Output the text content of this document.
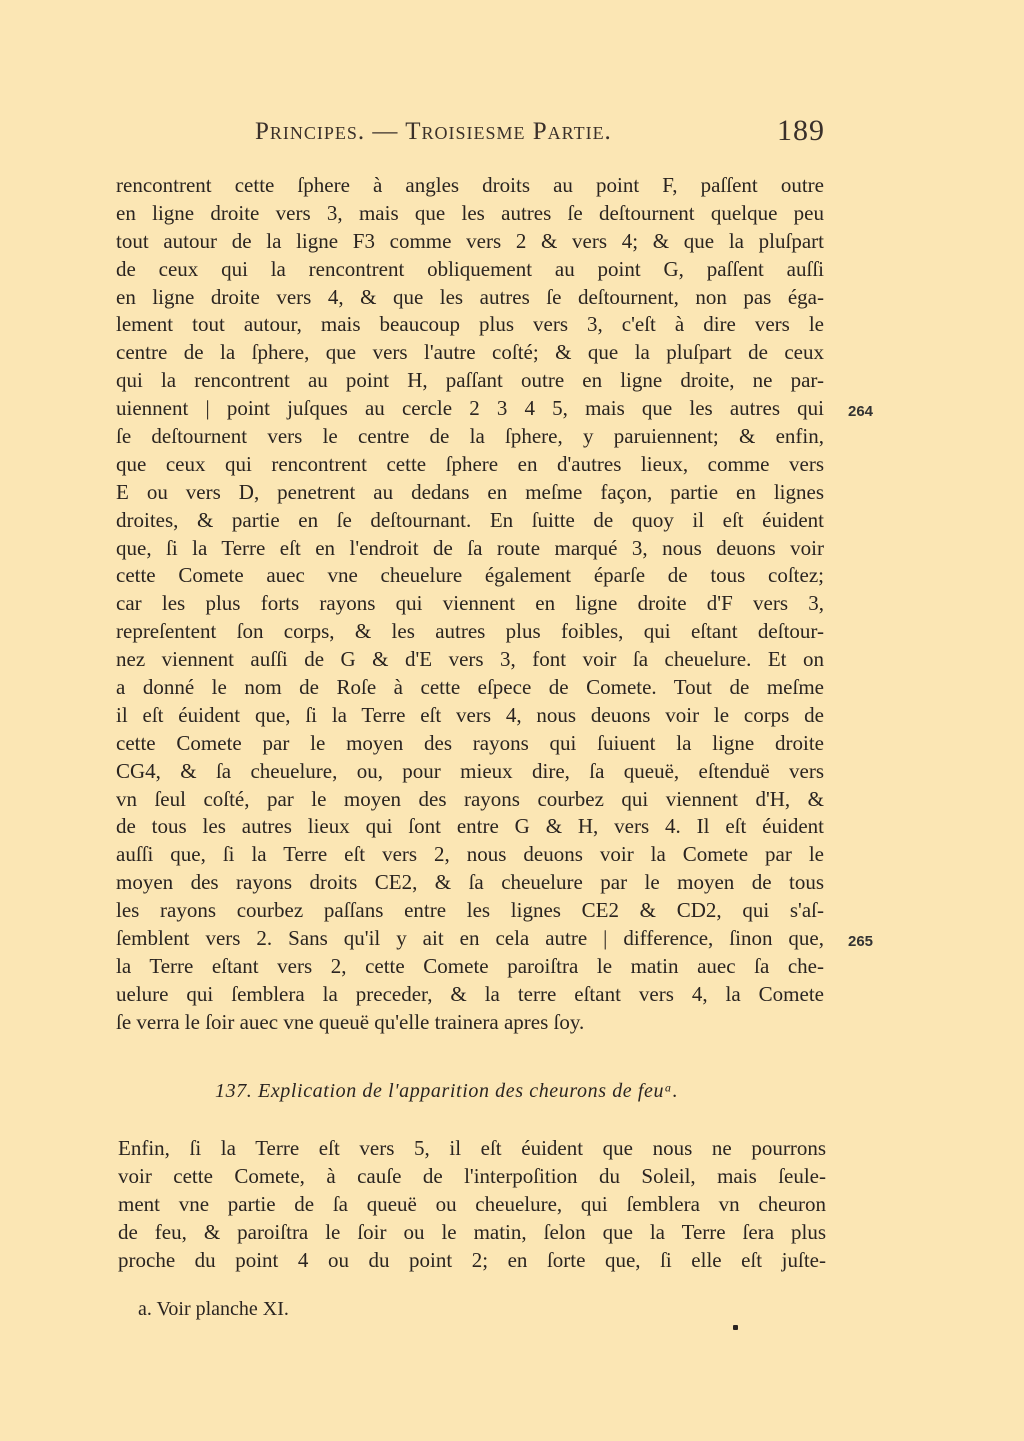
Principes. — Troisiesme Partie.	189
rencontrent cette ſphere à angles droits au point F, paſſent outre
en ligne droite vers 3, mais que les autres ſe deſtournent quelque peu
tout autour de la ligne F3 comme vers 2 & vers 4; & que la pluſpart
de ceux qui la rencontrent obliquement au point G, paſſent auſſi
en ligne droite vers 4, & que les autres ſe deſtournent, non pas éga-
lement tout autour, mais beaucoup plus vers 3, c'eſt à dire vers le
centre de la ſphere, que vers l'autre coſté; & que la pluſpart de ceux
qui la rencontrent au point H, paſſant outre en ligne droite, ne par-
uiennent | point juſques au cercle 2 3 4 5, mais que les autres qui
ſe deſtournent vers le centre de la ſphere, y paruiennent; & enfin,
que ceux qui rencontrent cette ſphere en d'autres lieux, comme vers
E ou vers D, penetrent au dedans en meſme façon, partie en lignes
droites, & partie en ſe deſtournant. En ſuitte de quoy il eſt éuident
que, ſi la Terre eſt en l'endroit de ſa route marqué 3, nous deuons voir
cette Comete auec vne cheuelure également éparſe de tous coſtez;
car les plus forts rayons qui viennent en ligne droite d'F vers 3,
repreſentent ſon corps, & les autres plus foibles, qui eſtant deſtour-
nez viennent auſſi de G & d'E vers 3, font voir ſa cheuelure. Et on
a donné le nom de Roſe à cette eſpece de Comete. Tout de meſme
il eſt éuident que, ſi la Terre eſt vers 4, nous deuons voir le corps de
cette Comete par le moyen des rayons qui ſuiuent la ligne droite
CG4, & ſa cheuelure, ou, pour mieux dire, ſa queuë, eſtenduë vers
vn ſeul coſté, par le moyen des rayons courbez qui viennent d'H, &
de tous les autres lieux qui ſont entre G & H, vers 4. Il eſt éuident
auſſi que, ſi la Terre eſt vers 2, nous deuons voir la Comete par le
moyen des rayons droits CE2, & ſa cheuelure par le moyen de tous
les rayons courbez paſſans entre les lignes CE2 & CD2, qui s'aſ-
ſemblent vers 2. Sans qu'il y ait en cela autre | difference, ſinon que,
la Terre eſtant vers 2, cette Comete paroiſtra le matin auec ſa che-
uelure qui ſemblera la preceder, & la terre eſtant vers 4, la Comete
ſe verra le ſoir auec vne queuë qu'elle trainera apres ſoy.
264
265
137. Explication de l'apparition des cheurons de feuᵃ.
Enfin, ſi la Terre eſt vers 5, il eſt éuident que nous ne pourrons
voir cette Comete, à cauſe de l'interpoſition du Soleil, mais ſeule-
ment vne partie de ſa queuë ou cheuelure, qui ſemblera vn cheuron
de feu, & paroiſtra le ſoir ou le matin, ſelon que la Terre ſera plus
proche du point 4 ou du point 2; en ſorte que, ſi elle eſt juſte-
a. Voir planche XI.
